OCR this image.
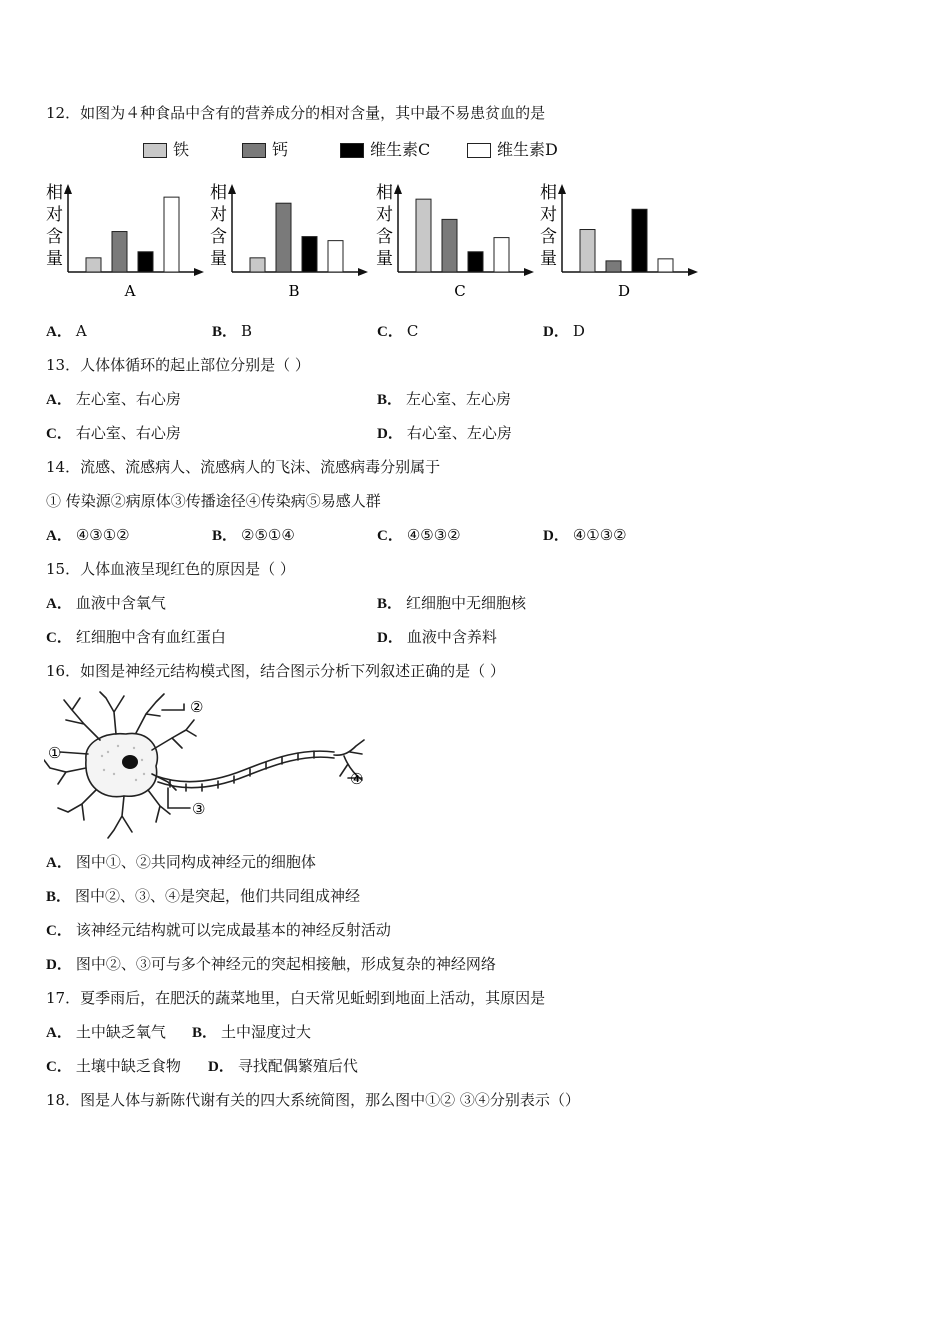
12．如图为４种食品中含有的营养成分的相对含量，其中最不易患贫血的是
铁	钙	维生素C	维生素D
相
对
含
量
A
相
对
含
量
B
相
对
含
量
C
相
对
含
量
D
A． A	B． B	C． C	D． D
13．人体体循环的起止部位分别是（ ）
A． 左心室、右心房	B． 左心室、左心房
C． 右心室、右心房	D． 右心室、左心房
14．流感、流感病人、流感病人的飞沫、流感病毒分别属于
① 传染源②病原体③传播途径④传染病⑤易感人群
A． ④③①②	B． ②⑤①④	C． ④⑤③②	D． ④①③②
15．人体血液呈现红色的原因是（ ）
A． 血液中含氧气	B． 红细胞中无细胞核
C． 红细胞中含有血红蛋白	D． 血液中含养料
16．如图是神经元结构模式图，结合图示分析下列叙述正确的是（ ）
①
②
③
④
A． 图中①、②共同构成神经元的细胞体
B． 图中②、③、④是突起，他们共同组成神经
C． 该神经元结构就可以完成最基本的神经反射活动
D． 图中②、③可与多个神经元的突起相接触，形成复杂的神经网络
17．夏季雨后，在肥沃的蔬菜地里，白天常见蚯蚓到地面上活动，其原因是
A． 土中缺乏氧气 B． 土中湿度过大
C． 土壤中缺乏食物 D． 寻找配偶繁殖后代
18．图是人体与新陈代谢有关的四大系统简图，那么图中①② ③④分别表示（）
